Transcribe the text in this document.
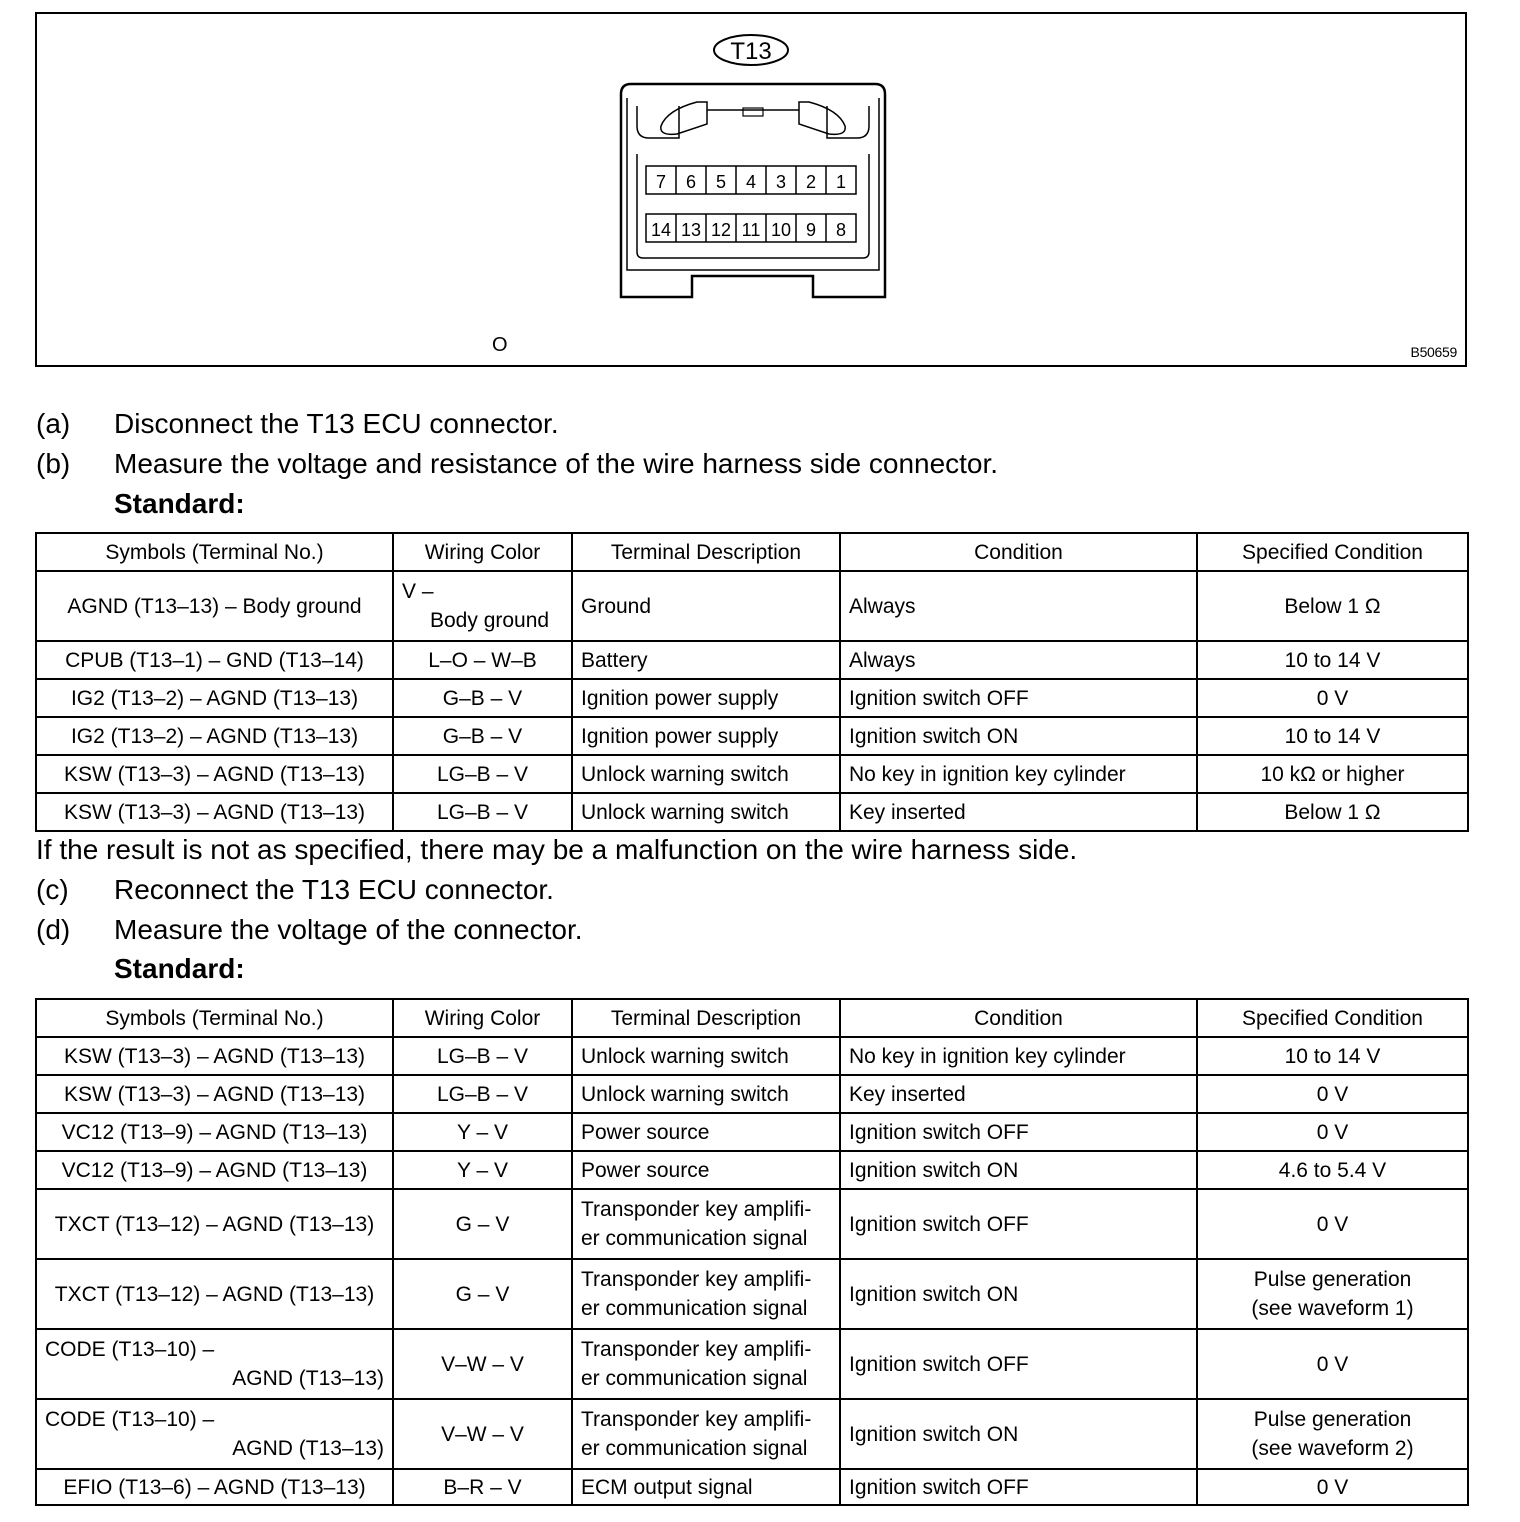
T13
7 6 5 4 3 2 1
14 13 12 11 10 9 8
O	B50659
(a) Disconnect the T13 ECU connector.
(b) Measure the voltage and resistance of the wire harness side connector.
Standard:
Symbols (Terminal No.)	Wiring Color	Terminal Description	Condition	Specified Condition
AGND (T13–13) – Body ground	V –
Body ground	Ground	Always	Below 1 Ω
CPUB (T13–1) – GND (T13–14)	L–O – W–B	Battery	Always	10 to 14 V
IG2 (T13–2) – AGND (T13–13)	G–B – V	Ignition power supply	Ignition switch OFF	0 V
IG2 (T13–2) – AGND (T13–13)	G–B – V	Ignition power supply	Ignition switch ON	10 to 14 V
KSW (T13–3) – AGND (T13–13)	LG–B – V	Unlock warning switch	No key in ignition key cylinder	10 kΩ or higher
KSW (T13–3) – AGND (T13–13)	LG–B – V	Unlock warning switch	Key inserted	Below 1 Ω
If the result is not as specified, there may be a malfunction on the wire harness side.
(c) Reconnect the T13 ECU connector.
(d) Measure the voltage of the connector.
Standard:
Symbols (Terminal No.)	Wiring Color	Terminal Description	Condition	Specified Condition
KSW (T13–3) – AGND (T13–13)	LG–B – V	Unlock warning switch	No key in ignition key cylinder	10 to 14 V
KSW (T13–3) – AGND (T13–13)	LG–B – V	Unlock warning switch	Key inserted	0 V
VC12 (T13–9) – AGND (T13–13)	Y – V	Power source	Ignition switch OFF	0 V
VC12 (T13–9) – AGND (T13–13)	Y – V	Power source	Ignition switch ON	4.6 to 5.4 V
TXCT (T13–12) – AGND (T13–13)	G – V	Transponder key amplifi-
er communication signal	Ignition switch OFF	0 V
TXCT (T13–12) – AGND (T13–13)	G – V	Transponder key amplifi-
er communication signal	Ignition switch ON	Pulse generation
(see waveform 1)

CODE (T13–10) –
AGND (T13–13)	V–W – V	Transponder key amplifi-
er communication signal	Ignition switch OFF	0 V

CODE (T13–10) –
AGND (T13–13)	V–W – V	Transponder key amplifi-
er communication signal	Ignition switch ON	Pulse generation
(see waveform 2)

EFIO (T13–6) – AGND (T13–13)	B–R – V	ECM output signal	Ignition switch OFF	0 V
